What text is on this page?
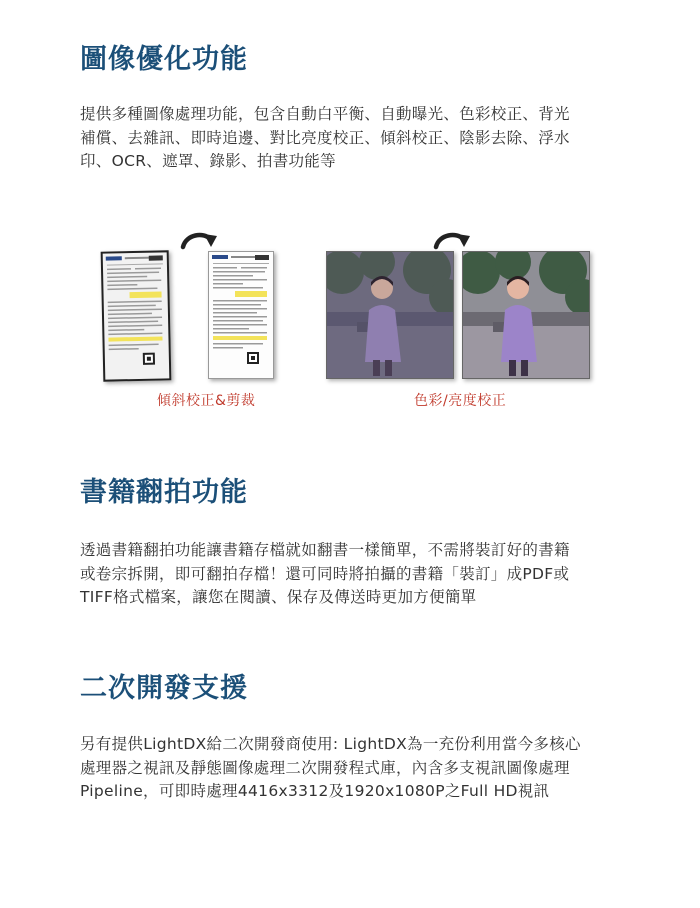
圖像優化功能

提供多種圖像處理功能，包含自動白平衡、自動曝光、色彩校正、背光
補償、去雜訊、即時追邊、對比亮度校正、傾斜校正、陰影去除、浮水
印、OCR、遮罩、錄影、拍書功能等

傾斜校正&剪裁	色彩/亮度校正
書籍翻拍功能

透過書籍翻拍功能讓書籍存檔就如翻書一樣簡單，不需將裝訂好的書籍
或卷宗拆開，即可翻拍存檔！還可同時將拍攝的書籍「裝訂」成PDF或
TIFF格式檔案，讓您在閱讀、保存及傳送時更加方便簡單

二次開發支援

另有提供LightDX給二次開發商使用: LightDX為一充份利用當今多核心
處理器之視訊及靜態圖像處理二次開發程式庫，內含多支視訊圖像處理
Pipeline，可即時處理4416x3312及1920x1080P之Full HD視訊
